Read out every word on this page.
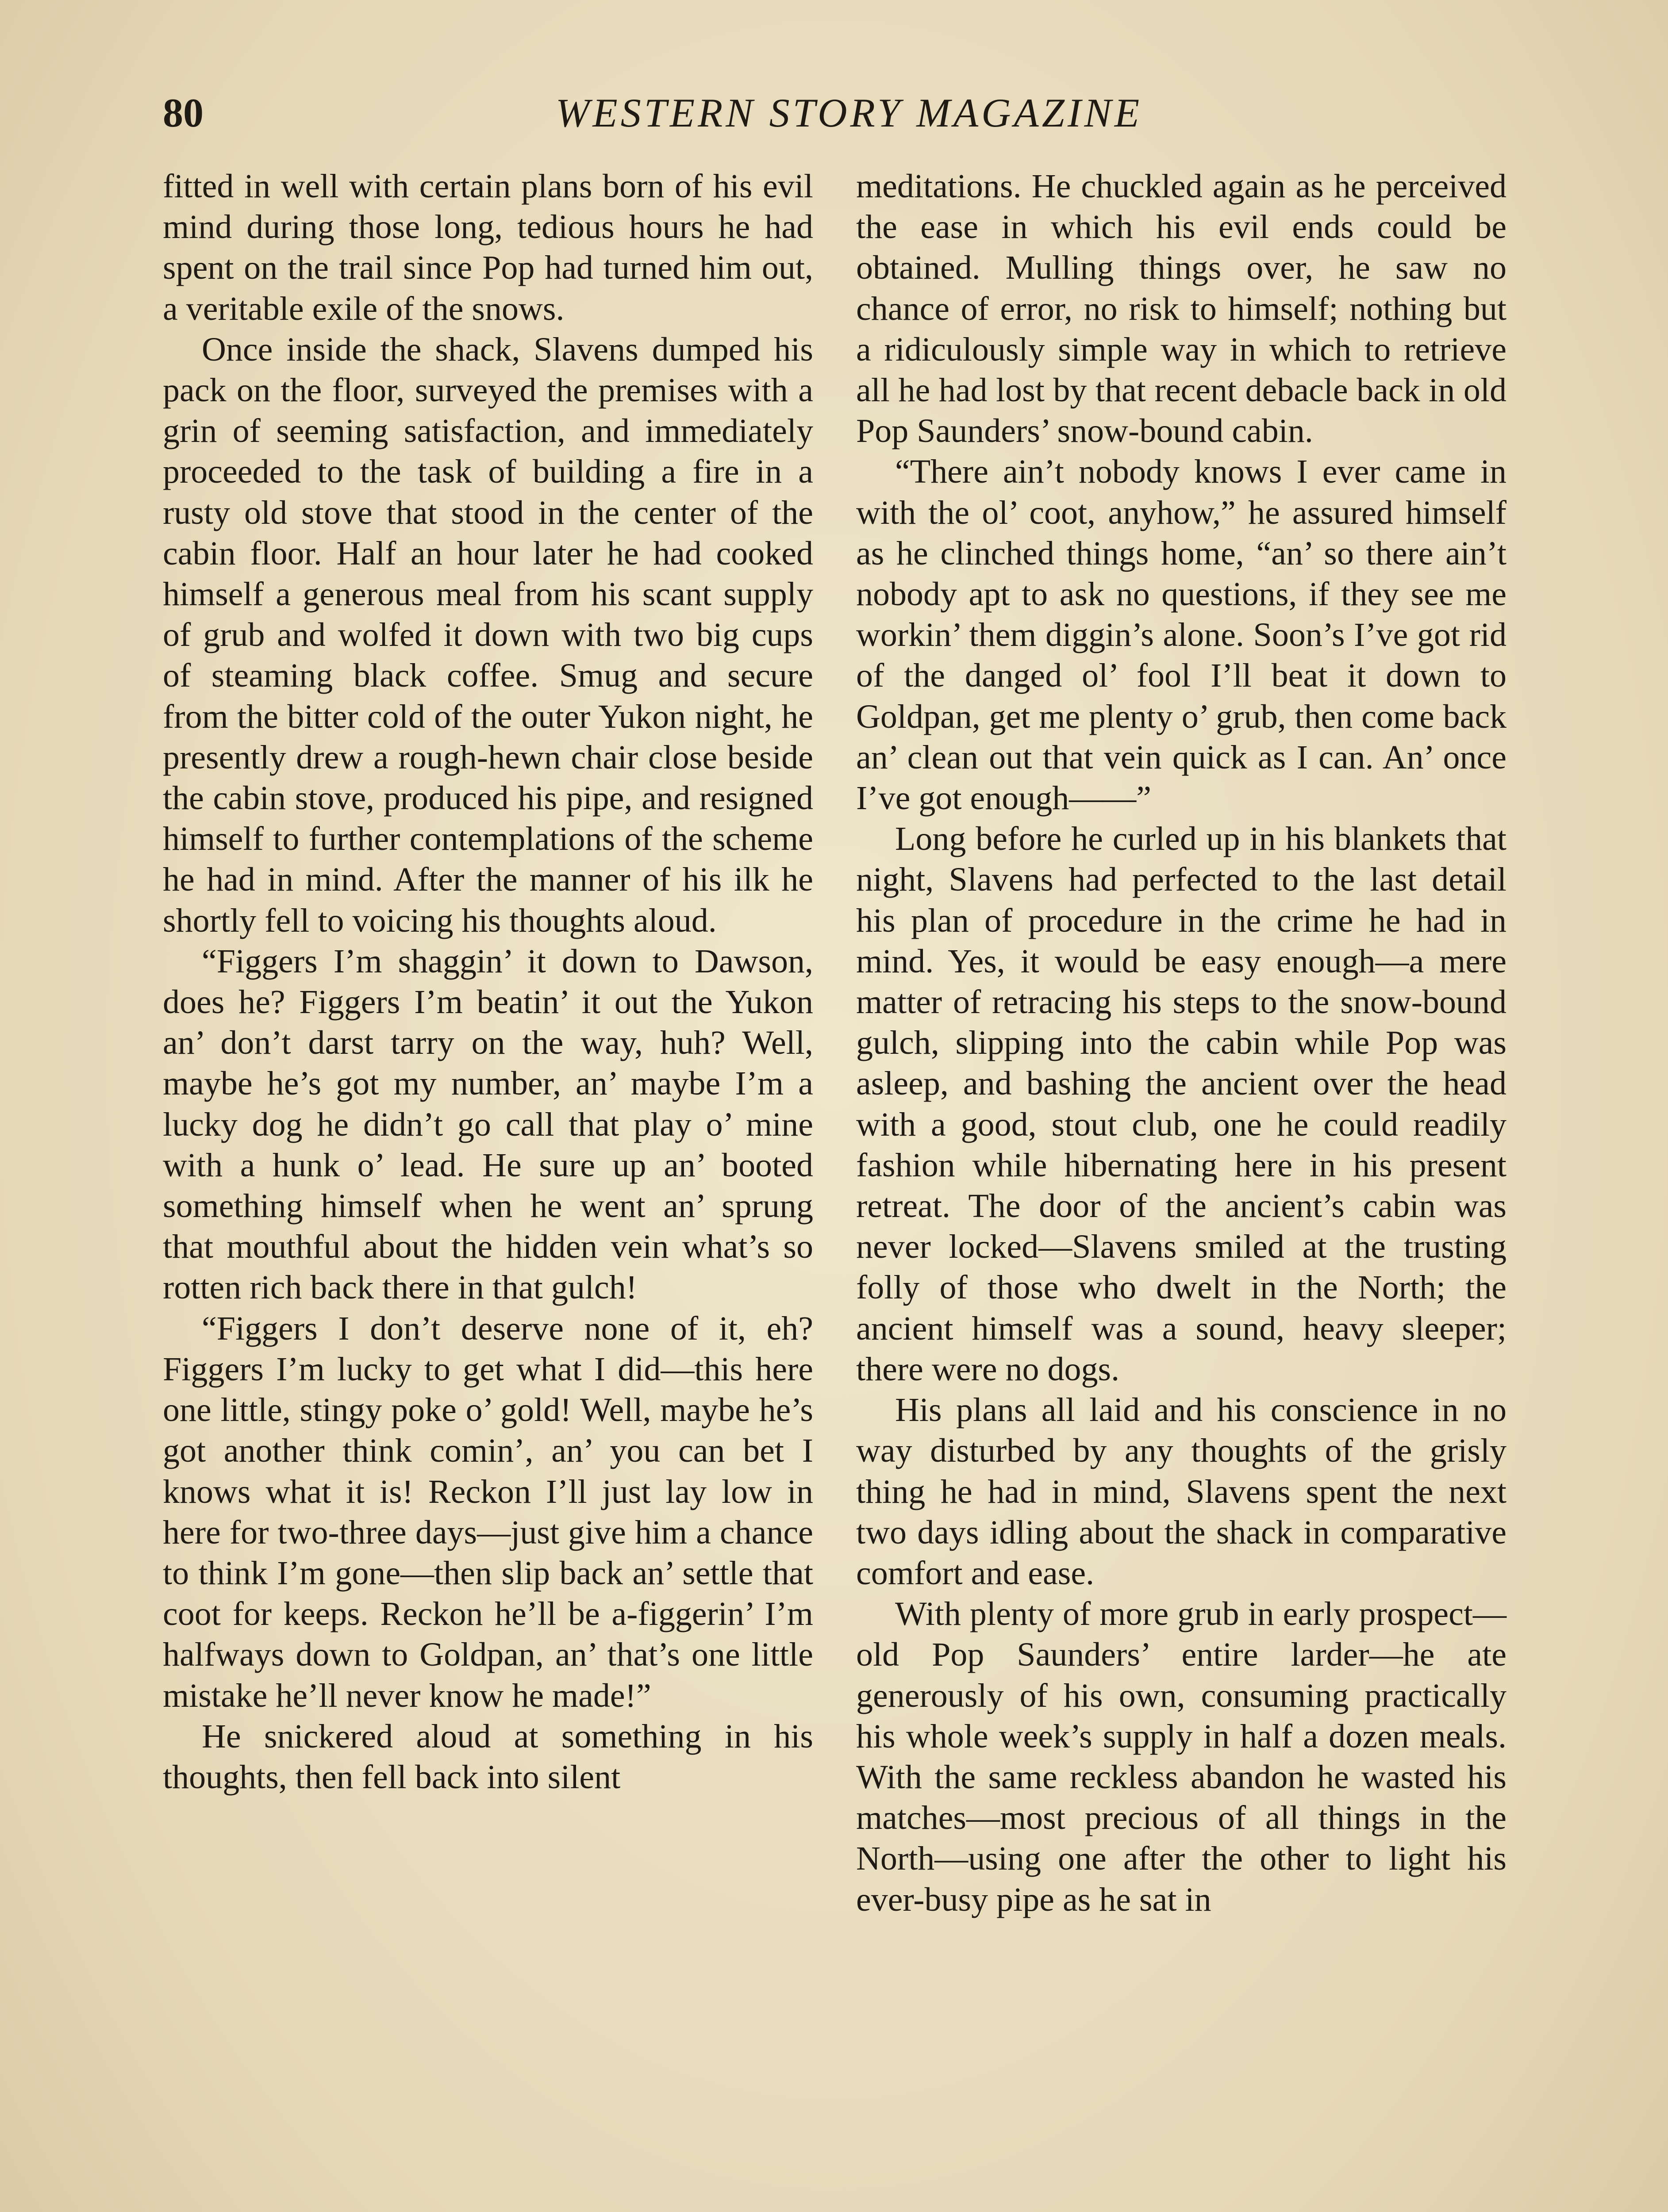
80	WESTERN STORY MAGAZINE

fitted in well with certain plans born of his evil mind during those long, tedious hours he had spent on the trail since Pop had turned him out, a veritable exile of the snows.

Once inside the shack, Slavens dumped his pack on the floor, surveyed the premises with a grin of seeming satisfaction, and immediately proceeded to the task of building a fire in a rusty old stove that stood in the center of the cabin floor. Half an hour later he had cooked himself a generous meal from his scant supply of grub and wolfed it down with two big cups of steaming black coffee. Smug and secure from the bitter cold of the outer Yukon night, he presently drew a rough-hewn chair close beside the cabin stove, produced his pipe, and resigned himself to further contemplations of the scheme he had in mind. After the manner of his ilk he shortly fell to voicing his thoughts aloud.

“Figgers I’m shaggin’ it down to Dawson, does he? Figgers I’m beatin’ it out the Yukon an’ don’t darst tarry on the way, huh? Well, maybe he’s got my number, an’ maybe I’m a lucky dog he didn’t go call that play o’ mine with a hunk o’ lead. He sure up an’ booted something himself when he went an’ sprung that mouthful about the hidden vein what’s so rotten rich back there in that gulch!

“Figgers I don’t deserve none of it, eh? Figgers I’m lucky to get what I did—this here one little, stingy poke o’ gold! Well, maybe he’s got another think comin’, an’ you can bet I knows what it is! Reckon I’ll just lay low in here for two-three days—just give him a chance to think I’m gone—then slip back an’ settle that coot for keeps. Reckon he’ll be a-figgerin’ I’m halfways down to Goldpan, an’ that’s one little mistake he’ll never know he made!”

He snickered aloud at something in his thoughts, then fell back into silent

meditations. He chuckled again as he perceived the ease in which his evil ends could be obtained. Mulling things over, he saw no chance of error, no risk to himself; nothing but a ridiculously simple way in which to retrieve all he had lost by that recent debacle back in old Pop Saunders’ snow-bound cabin.

“There ain’t nobody knows I ever came in with the ol’ coot, anyhow,” he assured himself as he clinched things home, “an’ so there ain’t nobody apt to ask no questions, if they see me workin’ them diggin’s alone. Soon’s I’ve got rid of the danged ol’ fool I’ll beat it down to Goldpan, get me plenty o’ grub, then come back an’ clean out that vein quick as I can. An’ once I’ve got enough——”

Long before he curled up in his blankets that night, Slavens had perfected to the last detail his plan of procedure in the crime he had in mind. Yes, it would be easy enough—a mere matter of retracing his steps to the snow-bound gulch, slipping into the cabin while Pop was asleep, and bashing the ancient over the head with a good, stout club, one he could readily fashion while hibernating here in his present retreat. The door of the ancient’s cabin was never locked—Slavens smiled at the trusting folly of those who dwelt in the North; the ancient himself was a sound, heavy sleeper; there were no dogs.

His plans all laid and his conscience in no way disturbed by any thoughts of the grisly thing he had in mind, Slavens spent the next two days idling about the shack in comparative comfort and ease.

With plenty of more grub in early prospect—old Pop Saunders’ entire larder—he ate generously of his own, consuming practically his whole week’s supply in half a dozen meals. With the same reckless abandon he wasted his matches—most precious of all things in the North—using one after the other to light his ever-busy pipe as he sat in
